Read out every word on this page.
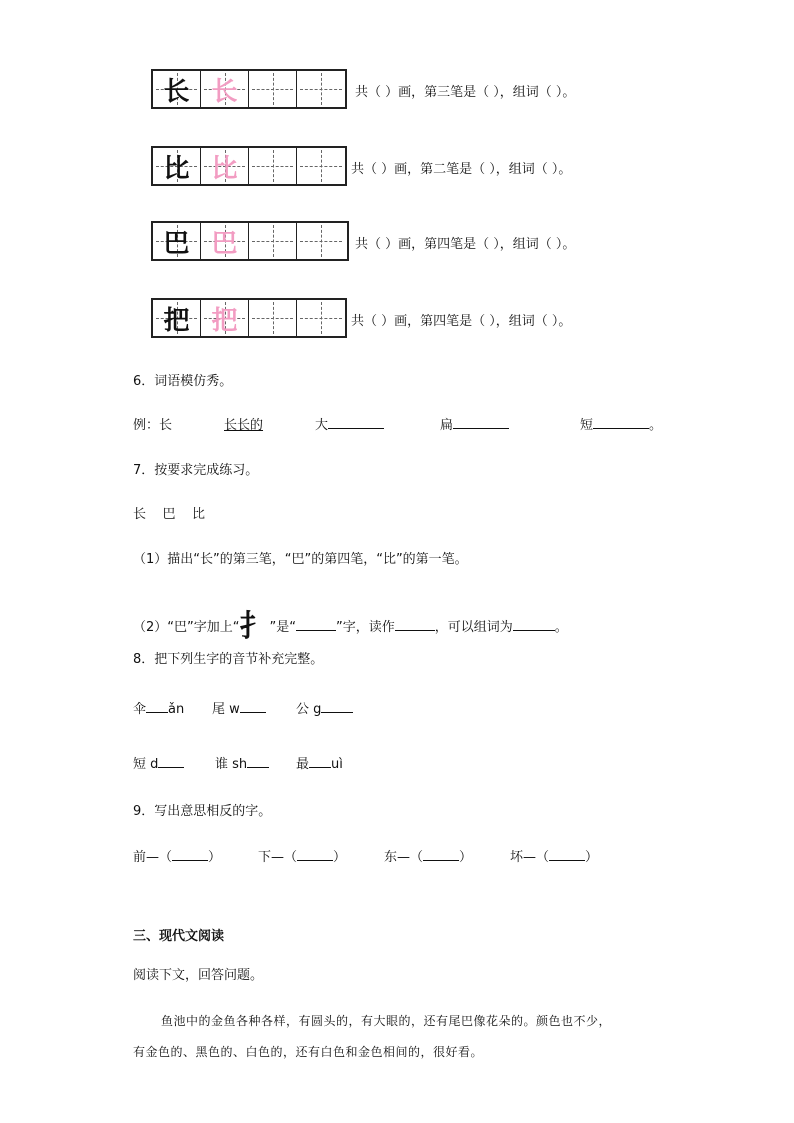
长 长	共（ ）画，第三笔是（ ），组词（ ）。
比 比	共（ ）画，第二笔是（ ），组词（ ）。
巴 巴	共（ ）画，第四笔是（ ），组词（ ）。
把 把	共（ ）画，第四笔是（ ），组词（ ）。
6．词语模仿秀。
例：长	长长的	大	扁	短	。
7．按要求完成练习。
长    巴    比
（1）描出“长”的第三笔，“巴”的第四笔，“比”的第一笔。
（2）“巴”字加上“扌”是“	”字，读作	，可以组词为	。
8．把下列生字的音节补充完整。
伞 ǎn 尾 w	公 g
短 d	谁 sh	最 uì
9．写出意思相反的字。
前—（	）	下—（	）	东—（	）	坏—（	）
三、现代文阅读
阅读下文，回答问题。
鱼池中的金鱼各种各样，有圆头的，有大眼的，还有尾巴像花朵的。颜色也不少，
有金色的、黑色的、白色的，还有白色和金色相间的，很好看。
